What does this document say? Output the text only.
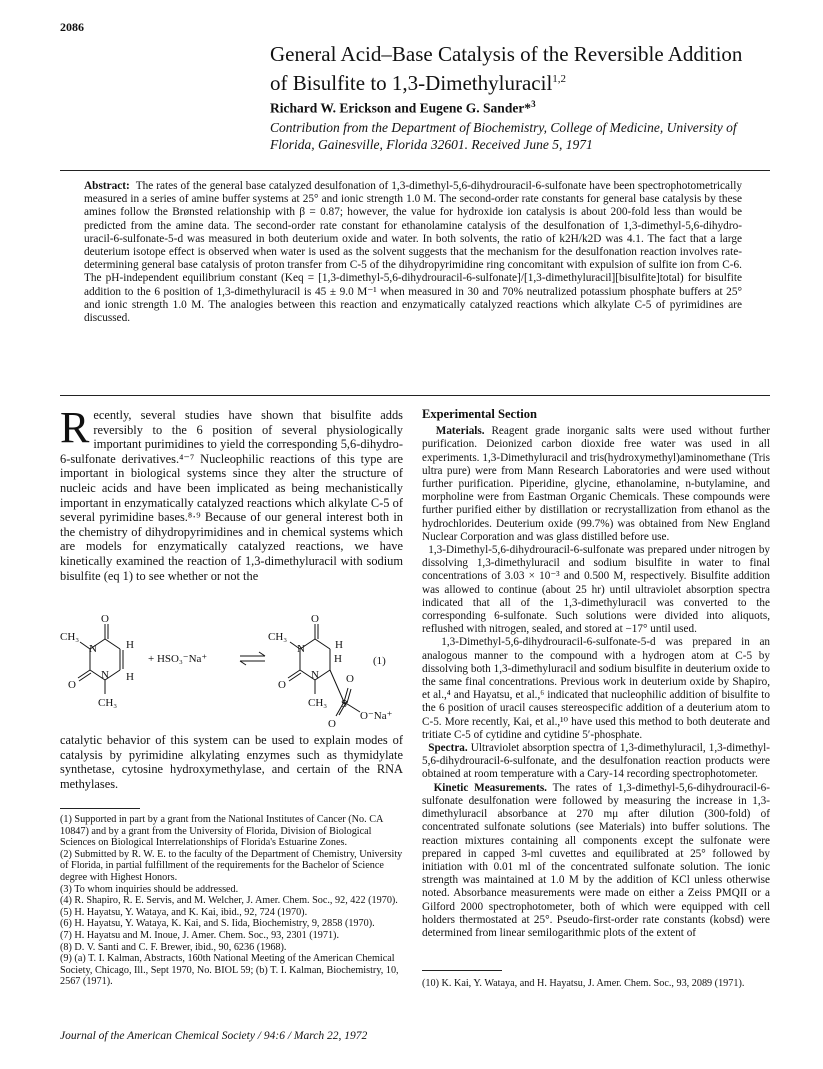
2086
General Acid–Base Catalysis of the Reversible Addition of Bisulfite to 1,3-Dimethyluracil$^{1,2}$
Richard W. Erickson and Eugene G. Sander*$^3$
Contribution from the Department of Biochemistry, College of Medicine, University of Florida, Gainesville, Florida 32601. Received June 5, 1971
Abstract: The rates of the general base catalyzed desulfonation of 1,3-dimethyl-5,6-dihydrouracil-6-sulfonate have been spectrophotometrically measured in a series of amine buffer systems at 25° and ionic strength 1.0 M. The second-order rate constants for general base catalysis by these amines follow the Brønsted relationship with β = 0.87; however, the value for hydroxide ion catalysis is about 200-fold less than would be predicted from the amine data. The second-order rate constant for ethanolamine catalysis of the desulfonation of 1,3-dimethyl-5,6-dihydro-uracil-6-sulfonate-5-d was measured in both deuterium oxide and water. In both solvents, the ratio of k2H/k2D was 4.1. The fact that a large deuterium isotope effect is observed when water is used as the solvent suggests that the mechanism for the desulfonation reaction involves rate-determining general base catalysis of proton transfer from C-5 of the dihydropyrimidine ring concomitant with expulsion of sulfite ion from C-6. The pH-independent equilibrium constant (Keq = [1,3-dimethyl-5,6-dihydrouracil-6-sulfonate]/[1,3-dimethyluracil][bisulfite]total) for bisulfite addition to the 6 position of 1,3-dimethyluracil is 45 ± 9.0 M⁻¹ when measured in 30 and 70% neutralized potassium phosphate buffers at 25° and ionic strength 1.0 M. The analogies between this reaction and enzymatically catalyzed reactions which alkylate C-5 of pyrimidines are discussed.
Recently, several studies have shown that bisulfite adds reversibly to the 6 position of several physiologically important purimidines to yield the corresponding 5,6-dihydro-6-sulfonate derivatives.⁴⁻⁷ Nucleophilic reactions of this type are important in biological systems since they alter the structure of nucleic acids and have been implicated as being mechanistically important in enzymatically catalyzed reactions which alkylate C-5 of several pyrimidine bases.⁸·⁹ Because of our general interest both in the chemistry of dihydropyrimidines and in chemical systems which are models for enzymatically catalyzed reactions, we have kinetically examined the reaction of 1,3-dimethyluracil with sodium bisulfite (eq 1) to see whether or not the
O
CH₃
N	H
O
N H
CH₃
+ HSO₃⁻Na⁺
O
CH₃
N	H
H
O
N O
CH₃ S
O
O⁻Na⁺
(1)
catalytic behavior of this system can be used to explain modes of catalysis by pyrimidine alkylating enzymes such as thymidylate synthetase, cytosine hydroxymethylase, and certain of the RNA methylases.

(1) Supported in part by a grant from the National Institutes of Cancer (No. CA 10847) and by a grant from the University of Florida, Division of Biological Sciences on Biological Interrelationships of Florida's Estuarine Zones.

(2) Submitted by R. W. E. to the faculty of the Department of Chemistry, University of Florida, in partial fulfillment of the requirements for the Bachelor of Science degree with Highest Honors.

(3) To whom inquiries should be addressed.

(4) R. Shapiro, R. E. Servis, and M. Welcher, J. Amer. Chem. Soc., 92, 422 (1970).

(5) H. Hayatsu, Y. Wataya, and K. Kai, ibid., 92, 724 (1970).

(6) H. Hayatsu, Y. Wataya, K. Kai, and S. Iida, Biochemistry, 9, 2858 (1970).

(7) H. Hayatsu and M. Inoue, J. Amer. Chem. Soc., 93, 2301 (1971).

(8) D. V. Santi and C. F. Brewer, ibid., 90, 6236 (1968).

(9) (a) T. I. Kalman, Abstracts, 160th National Meeting of the American Chemical Society, Chicago, Ill., Sept 1970, No. BIOL 59; (b) T. I. Kalman, Biochemistry, 10, 2567 (1971).

Experimental Section

Materials. Reagent grade inorganic salts were used without further purification. Deionized carbon dioxide free water was used in all experiments. 1,3-Dimethyluracil and tris(hydroxymethyl)aminomethane (Tris ultra pure) were from Mann Research Laboratories and were used without further purification. Piperidine, glycine, ethanolamine, n-butylamine, and morpholine were from Eastman Organic Chemicals. These compounds were further purified either by distillation or recrystallization from ethanol as the hydrochlorides. Deuterium oxide (99.7%) was obtained from New England Nuclear Corporation and was glass distilled before use.

1,3-Dimethyl-5,6-dihydrouracil-6-sulfonate was prepared under nitrogen by dissolving 1,3-dimethyluracil and sodium bisulfite in water to final concentrations of 3.03 × 10⁻³ and 0.500 M, respectively. Bisulfite addition was allowed to continue (about 25 hr) until ultraviolet absorption spectra indicated that all of the 1,3-dimethyluracil was converted to the corresponding 6-sulfonate. Such solutions were divided into aliquots, reflushed with nitrogen, sealed, and stored at −17° until used.

1,3-Dimethyl-5,6-dihydrouracil-6-sulfonate-5-d was prepared in an analogous manner to the compound with a hydrogen atom at C-5 by dissolving both 1,3-dimethyluracil and sodium bisulfite in deuterium oxide to the same final concentrations. Previous work in deuterium oxide by Shapiro, et al.,⁴ and Hayatsu, et al.,⁶ indicated that nucleophilic addition of bisulfite to the 6 position of uracil causes stereospecific addition of a deuterium atom to C-5. More recently, Kai, et al.,¹⁰ have used this method to both deuterate and tritiate C-5 of cytidine and cytidine 5′-phosphate.

Spectra. Ultraviolet absorption spectra of 1,3-dimethyluracil, 1,3-dimethyl-5,6-dihydrouracil-6-sulfonate, and the desulfonation reaction products were obtained at room temperature with a Cary-14 recording spectrophotometer.

Kinetic Measurements. The rates of 1,3-dimethyl-5,6-dihydrouracil-6-sulfonate desulfonation were followed by measuring the increase in 1,3-dimethyluracil absorbance at 270 mμ after dilution (300-fold) of concentrated sulfonate solutions (see Materials) into buffer solutions. The reaction mixtures containing all components except the sulfonate were prepared in capped 3-ml cuvettes and equilibrated at 25° followed by initiation with 0.01 ml of the concentrated sulfonate solution. The ionic strength was maintained at 1.0 M by the addition of KCl unless otherwise noted. Absorbance measurements were made on either a Zeiss PMQII or a Gilford 2000 spectrophotometer, both of which were equipped with cell holders thermostated at 25°. Pseudo-first-order rate constants (kobsd) were determined from linear semilogarithmic plots of the extent of

(10) K. Kai, Y. Wataya, and H. Hayatsu, J. Amer. Chem. Soc., 93, 2089 (1971).
Journal of the American Chemical Society / 94:6 / March 22, 1972
